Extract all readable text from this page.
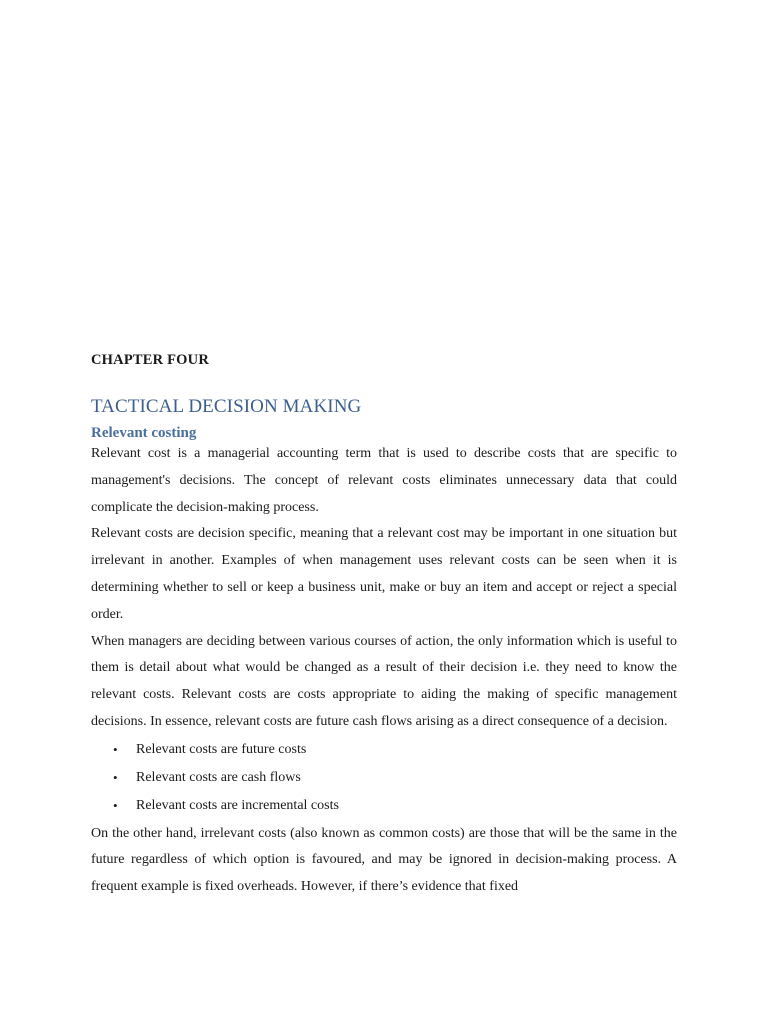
CHAPTER FOUR
TACTICAL DECISION MAKING
Relevant costing

Relevant cost is a managerial accounting term that is used to describe costs that are specific to management's decisions. The concept of relevant costs eliminates unnecessary data that could complicate the decision-making process.

Relevant costs are decision specific, meaning that a relevant cost may be important in one situation but irrelevant in another. Examples of when management uses relevant costs can be seen when it is determining whether to sell or keep a business unit, make or buy an item and accept or reject a special order.

When managers are deciding between various courses of action, the only information which is useful to them is detail about what would be changed as a result of their decision i.e. they need to know the relevant costs. Relevant costs are costs appropriate to aiding the making of specific management decisions. In essence, relevant costs are future cash flows arising as a direct consequence of a decision.

• Relevant costs are future costs
• Relevant costs are cash flows
• Relevant costs are incremental costs

On the other hand, irrelevant costs (also known as common costs) are those that will be the same in the future regardless of which option is favoured, and may be ignored in decision-making process. A frequent example is fixed overheads. However, if there’s evidence that fixed
